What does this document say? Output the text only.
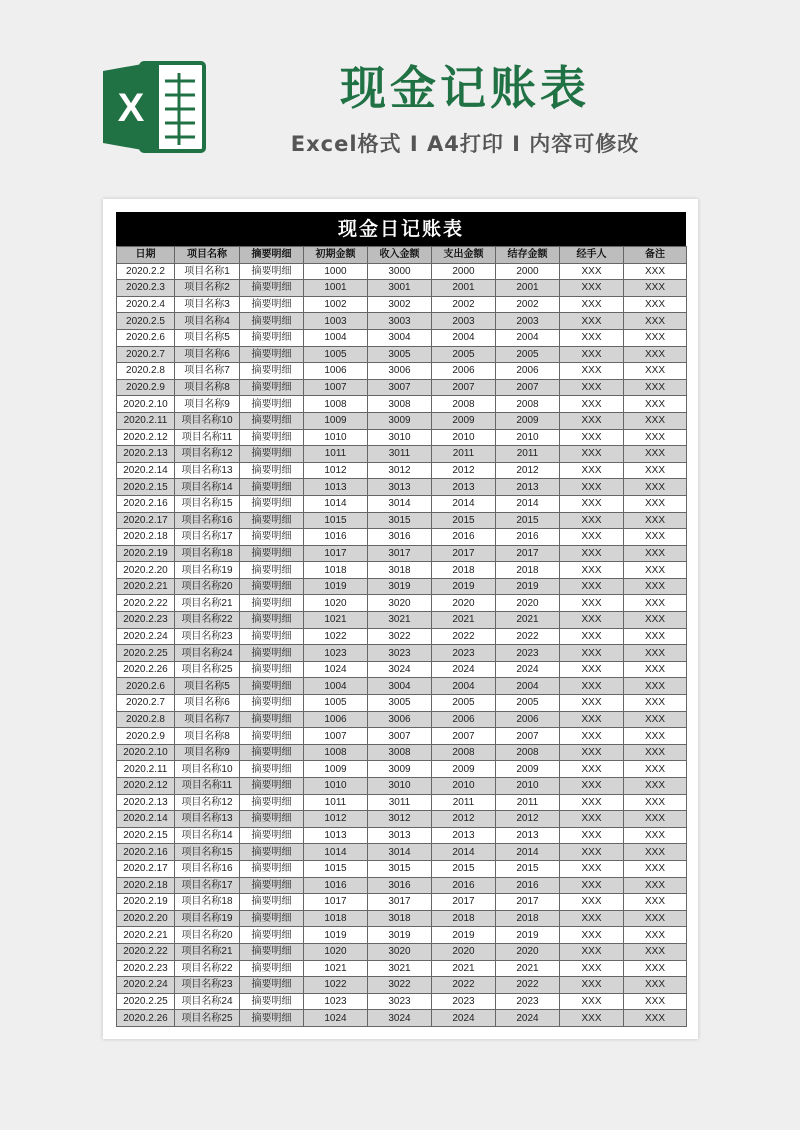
X	现金记账表

Excel格式 I A4打印 I 内容可修改

现金日记账表
日期	项目名称	摘要明细	初期金额	收入金额	支出金额	结存金额	经手人	备注
2020.2.2	项目名称1	摘要明细	1000	3000	2000	2000	XXX	XXX
2020.2.3	项目名称2	摘要明细	1001	3001	2001	2001	XXX	XXX
2020.2.4	项目名称3	摘要明细	1002	3002	2002	2002	XXX	XXX
2020.2.5	项目名称4	摘要明细	1003	3003	2003	2003	XXX	XXX
2020.2.6	项目名称5	摘要明细	1004	3004	2004	2004	XXX	XXX
2020.2.7	项目名称6	摘要明细	1005	3005	2005	2005	XXX	XXX
2020.2.8	项目名称7	摘要明细	1006	3006	2006	2006	XXX	XXX
2020.2.9	项目名称8	摘要明细	1007	3007	2007	2007	XXX	XXX
2020.2.10	项目名称9	摘要明细	1008	3008	2008	2008	XXX	XXX
2020.2.11	项目名称10	摘要明细	1009	3009	2009	2009	XXX	XXX
2020.2.12	项目名称11	摘要明细	1010	3010	2010	2010	XXX	XXX
2020.2.13	项目名称12	摘要明细	1011	3011	2011	2011	XXX	XXX
2020.2.14	项目名称13	摘要明细	1012	3012	2012	2012	XXX	XXX
2020.2.15	项目名称14	摘要明细	1013	3013	2013	2013	XXX	XXX
2020.2.16	项目名称15	摘要明细	1014	3014	2014	2014	XXX	XXX
2020.2.17	项目名称16	摘要明细	1015	3015	2015	2015	XXX	XXX
2020.2.18	项目名称17	摘要明细	1016	3016	2016	2016	XXX	XXX
2020.2.19	项目名称18	摘要明细	1017	3017	2017	2017	XXX	XXX
2020.2.20	项目名称19	摘要明细	1018	3018	2018	2018	XXX	XXX
2020.2.21	项目名称20	摘要明细	1019	3019	2019	2019	XXX	XXX
2020.2.22	项目名称21	摘要明细	1020	3020	2020	2020	XXX	XXX
2020.2.23	项目名称22	摘要明细	1021	3021	2021	2021	XXX	XXX
2020.2.24	项目名称23	摘要明细	1022	3022	2022	2022	XXX	XXX
2020.2.25	项目名称24	摘要明细	1023	3023	2023	2023	XXX	XXX
2020.2.26	项目名称25	摘要明细	1024	3024	2024	2024	XXX	XXX
2020.2.6	项目名称5	摘要明细	1004	3004	2004	2004	XXX	XXX
2020.2.7	项目名称6	摘要明细	1005	3005	2005	2005	XXX	XXX
2020.2.8	项目名称7	摘要明细	1006	3006	2006	2006	XXX	XXX
2020.2.9	项目名称8	摘要明细	1007	3007	2007	2007	XXX	XXX
2020.2.10	项目名称9	摘要明细	1008	3008	2008	2008	XXX	XXX
2020.2.11	项目名称10	摘要明细	1009	3009	2009	2009	XXX	XXX
2020.2.12	项目名称11	摘要明细	1010	3010	2010	2010	XXX	XXX
2020.2.13	项目名称12	摘要明细	1011	3011	2011	2011	XXX	XXX
2020.2.14	项目名称13	摘要明细	1012	3012	2012	2012	XXX	XXX
2020.2.15	项目名称14	摘要明细	1013	3013	2013	2013	XXX	XXX
2020.2.16	项目名称15	摘要明细	1014	3014	2014	2014	XXX	XXX
2020.2.17	项目名称16	摘要明细	1015	3015	2015	2015	XXX	XXX
2020.2.18	项目名称17	摘要明细	1016	3016	2016	2016	XXX	XXX
2020.2.19	项目名称18	摘要明细	1017	3017	2017	2017	XXX	XXX
2020.2.20	项目名称19	摘要明细	1018	3018	2018	2018	XXX	XXX
2020.2.21	项目名称20	摘要明细	1019	3019	2019	2019	XXX	XXX
2020.2.22	项目名称21	摘要明细	1020	3020	2020	2020	XXX	XXX
2020.2.23	项目名称22	摘要明细	1021	3021	2021	2021	XXX	XXX
2020.2.24	项目名称23	摘要明细	1022	3022	2022	2022	XXX	XXX
2020.2.25	项目名称24	摘要明细	1023	3023	2023	2023	XXX	XXX
2020.2.26	项目名称25	摘要明细	1024	3024	2024	2024	XXX	XXX
